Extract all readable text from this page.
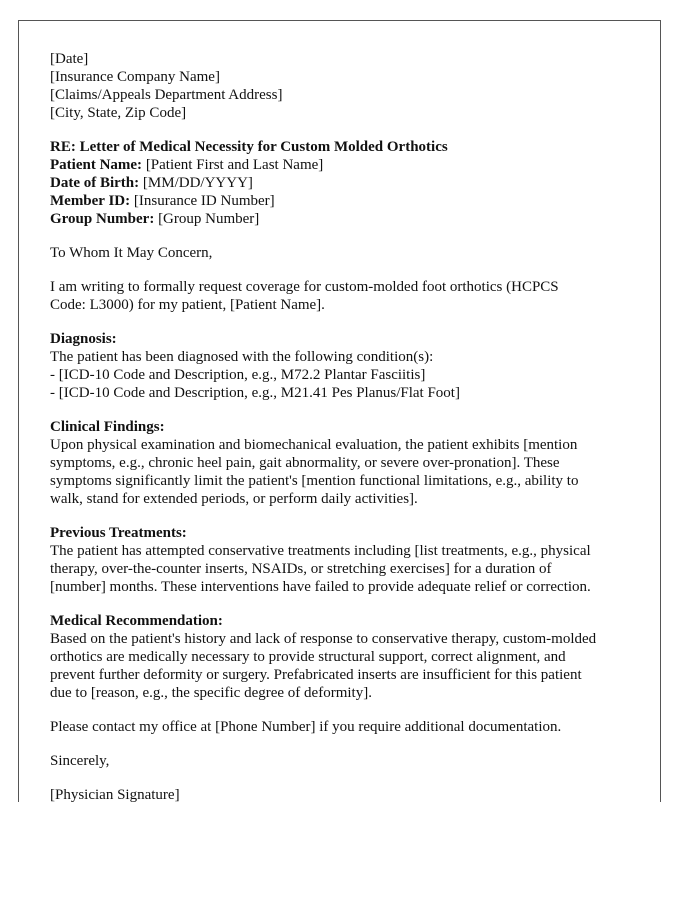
[Date]
[Insurance Company Name]
[Claims/Appeals Department Address]
[City, State, Zip Code]
RE: Letter of Medical Necessity for Custom Molded Orthotics
Patient Name: [Patient First and Last Name]
Date of Birth: [MM/DD/YYYY]
Member ID: [Insurance ID Number]
Group Number: [Group Number]
To Whom It May Concern,
I am writing to formally request coverage for custom-molded foot orthotics (HCPCS
Code: L3000) for my patient, [Patient Name].
Diagnosis:
The patient has been diagnosed with the following condition(s):
- [ICD-10 Code and Description, e.g., M72.2 Plantar Fasciitis]
- [ICD-10 Code and Description, e.g., M21.41 Pes Planus/Flat Foot]
Clinical Findings:
Upon physical examination and biomechanical evaluation, the patient exhibits [mention
symptoms, e.g., chronic heel pain, gait abnormality, or severe over-pronation]. These
symptoms significantly limit the patient's [mention functional limitations, e.g., ability to
walk, stand for extended periods, or perform daily activities].
Previous Treatments:
The patient has attempted conservative treatments including [list treatments, e.g., physical
therapy, over-the-counter inserts, NSAIDs, or stretching exercises] for a duration of
[number] months. These interventions have failed to provide adequate relief or correction.
Medical Recommendation:
Based on the patient's history and lack of response to conservative therapy, custom-molded
orthotics are medically necessary to provide structural support, correct alignment, and
prevent further deformity or surgery. Prefabricated inserts are insufficient for this patient
due to [reason, e.g., the specific degree of deformity].
Please contact my office at [Phone Number] if you require additional documentation.
Sincerely,
[Physician Signature]
